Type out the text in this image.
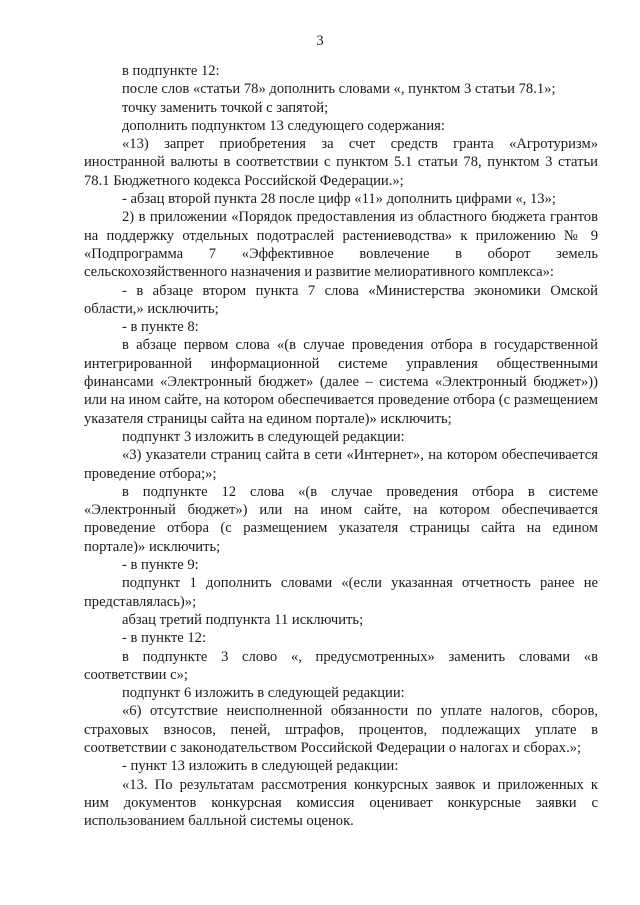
3

в подпункте 12:

после слов «статьи 78» дополнить словами «, пунктом 3 статьи 78.1»;

точку заменить точкой с запятой;

дополнить подпунктом 13 следующего содержания:

«13) запрет приобретения за счет средств гранта «Агротуризм» иностранной валюты в соответствии с пунктом 5.1 статьи 78, пунктом 3 статьи 78.1 Бюджетного кодекса Российской Федерации.»;

- абзац второй пункта 28 после цифр «11» дополнить цифрами «, 13»;

2) в приложении «Порядок предоставления из областного бюджета грантов на поддержку отдельных подотраслей растениеводства» к приложению № 9 «Подпрограмма 7 «Эффективное вовлечение в оборот земель сельскохозяйственного назначения и развитие мелиоративного комплекса»:

- в абзаце втором пункта 7 слова «Министерства экономики Омской области,» исключить;

- в пункте 8:

в абзаце первом слова «(в случае проведения отбора в государственной интегрированной информационной системе управления общественными финансами «Электронный бюджет» (далее – система «Электронный бюджет»)) или на ином сайте, на котором обеспечивается проведение отбора (с размещением указателя страницы сайта на едином портале)» исключить;

подпункт 3 изложить в следующей редакции:

«3) указатели страниц сайта в сети «Интернет», на котором обеспечивается проведение отбора;»;

в подпункте 12 слова «(в случае проведения отбора в системе «Электронный бюджет») или на ином сайте, на котором обеспечивается проведение отбора (с размещением указателя страницы сайта на едином портале)» исключить;

- в пункте 9:

подпункт 1 дополнить словами «(если указанная отчетность ранее не представлялась)»;

абзац третий подпункта 11 исключить;

- в пункте 12:

в подпункте 3 слово «, предусмотренных» заменить словами «в соответствии с»;

подпункт 6 изложить в следующей редакции:

«6) отсутствие неисполненной обязанности по уплате налогов, сборов, страховых взносов, пеней, штрафов, процентов, подлежащих уплате в соответствии с законодательством Российской Федерации о налогах и сборах.»;

- пункт 13 изложить в следующей редакции:

«13. По результатам рассмотрения конкурсных заявок и приложенных к ним документов конкурсная комиссия оценивает конкурсные заявки с использованием балльной системы оценок.
